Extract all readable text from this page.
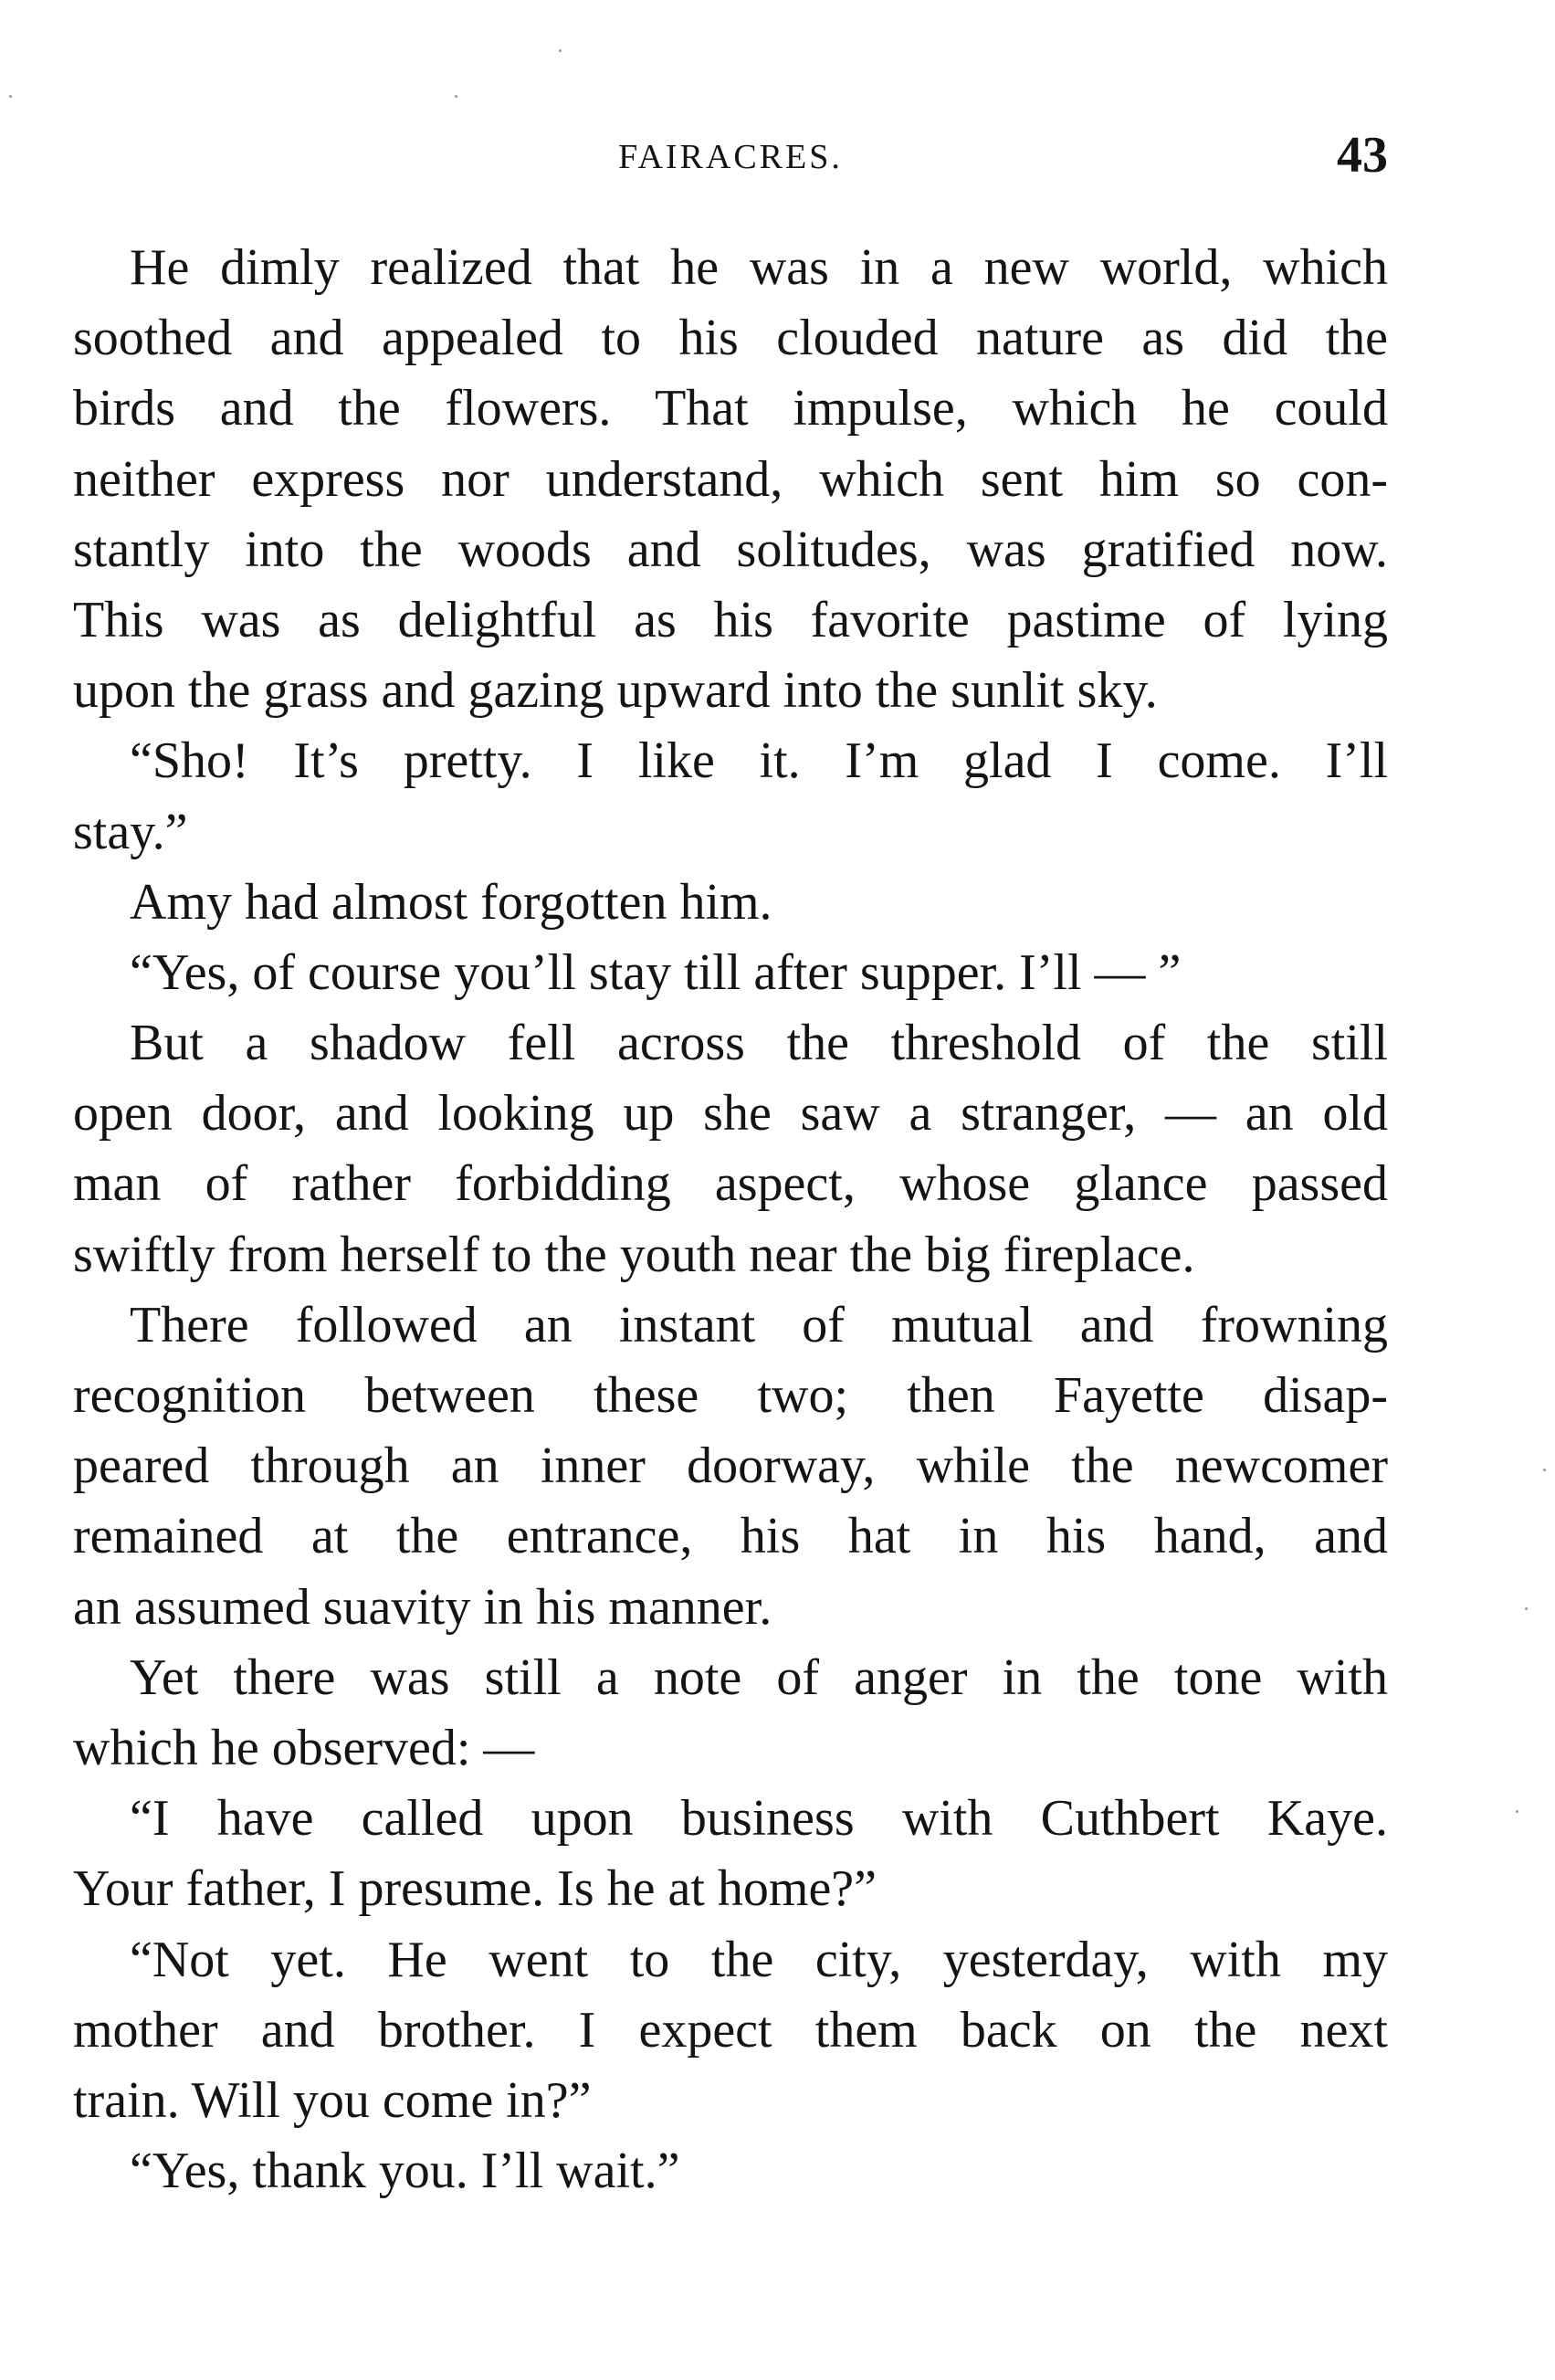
FAIRACRES.	43
He dimly realized that he was in a new world, which
soothed and appealed to his clouded nature as did the
birds and the flowers. That impulse, which he could
neither express nor understand, which sent him so con-
stantly into the woods and solitudes, was gratified now.
This was as delightful as his favorite pastime of lying
upon the grass and gazing upward into the sunlit sky.
“Sho! It’s pretty. I like it. I’m glad I come. I’ll
stay.”
Amy had almost forgotten him.
“Yes, of course you’ll stay till after supper. I’ll — ”
But a shadow fell across the threshold of the still
open door, and looking up she saw a stranger, — an old
man of rather forbidding aspect, whose glance passed
swiftly from herself to the youth near the big fireplace.
There followed an instant of mutual and frowning
recognition between these two; then Fayette disap-
peared through an inner doorway, while the newcomer
remained at the entrance, his hat in his hand, and
an assumed suavity in his manner.
Yet there was still a note of anger in the tone with
which he observed: —
“I have called upon business with Cuthbert Kaye.
Your father, I presume. Is he at home?”
“Not yet. He went to the city, yesterday, with my
mother and brother. I expect them back on the next
train. Will you come in?”
“Yes, thank you. I’ll wait.”
